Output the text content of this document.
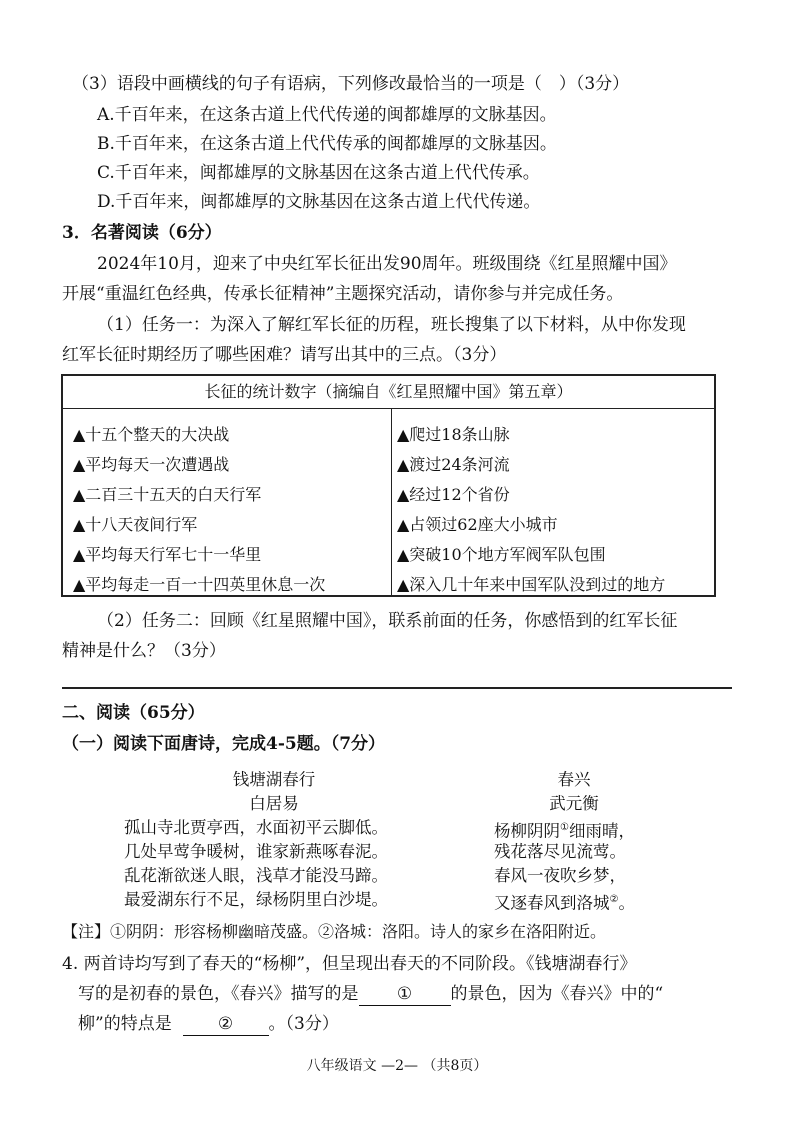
（3）语段中画横线的句子有语病，下列修改最恰当的一项是（　）（3分）
A.千百年来，在这条古道上代代传递的闽都雄厚的文脉基因。
B.千百年来，在这条古道上代代传承的闽都雄厚的文脉基因。
C.千百年来，闽都雄厚的文脉基因在这条古道上代代传承。
D.千百年来，闽都雄厚的文脉基因在这条古道上代代传递。
3．名著阅读（6分）
2024年10月，迎来了中央红军长征出发90周年。班级围绕《红星照耀中国》
开展“重温红色经典，传承长征精神”主题探究活动，请你参与并完成任务。
（1）任务一：为深入了解红军长征的历程，班长搜集了以下材料，从中你发现
红军长征时期经历了哪些困难？请写出其中的三点。（3分）
长征的统计数字（摘编自《红星照耀中国》第五章）
▲十五个整天的大决战
▲平均每天一次遭遇战
▲二百三十五天的白天行军
▲十八天夜间行军
▲平均每天行军七十一华里
▲平均每走一百一十四英里休息一次
▲爬过18条山脉
▲渡过24条河流
▲经过12个省份
▲占领过62座大小城市
▲突破10个地方军阀军队包围
▲深入几十年来中国军队没到过的地方
（2）任务二：回顾《红星照耀中国》，联系前面的任务，你感悟到的红军长征
精神是什么？（3分）
二、阅读（65分）
（一）阅读下面唐诗，完成4-5题。（7分）
钱塘湖春行
白居易
孤山寺北贾亭西，水面初平云脚低。
几处早莺争暖树，谁家新燕啄春泥。
乱花渐欲迷人眼，浅草才能没马蹄。
最爱湖东行不足，绿杨阴里白沙堤。
春兴
武元衡
杨柳阴阴①细雨晴，
残花落尽见流莺。
春风一夜吹乡梦，
又逐春风到洛城②。
【注】①阴阴：形容杨柳幽暗茂盛。②洛城：洛阳。诗人的家乡在洛阳附近。
4. 两首诗均写到了春天的“杨柳”，但呈现出春天的不同阶段。《钱塘湖春行》
写的是初春的景色，《春兴》描写的是 ① 的景色，因为《春兴》中的“
柳”的特点是	② 。（3分）
八年级语文 —2— （共8页）
